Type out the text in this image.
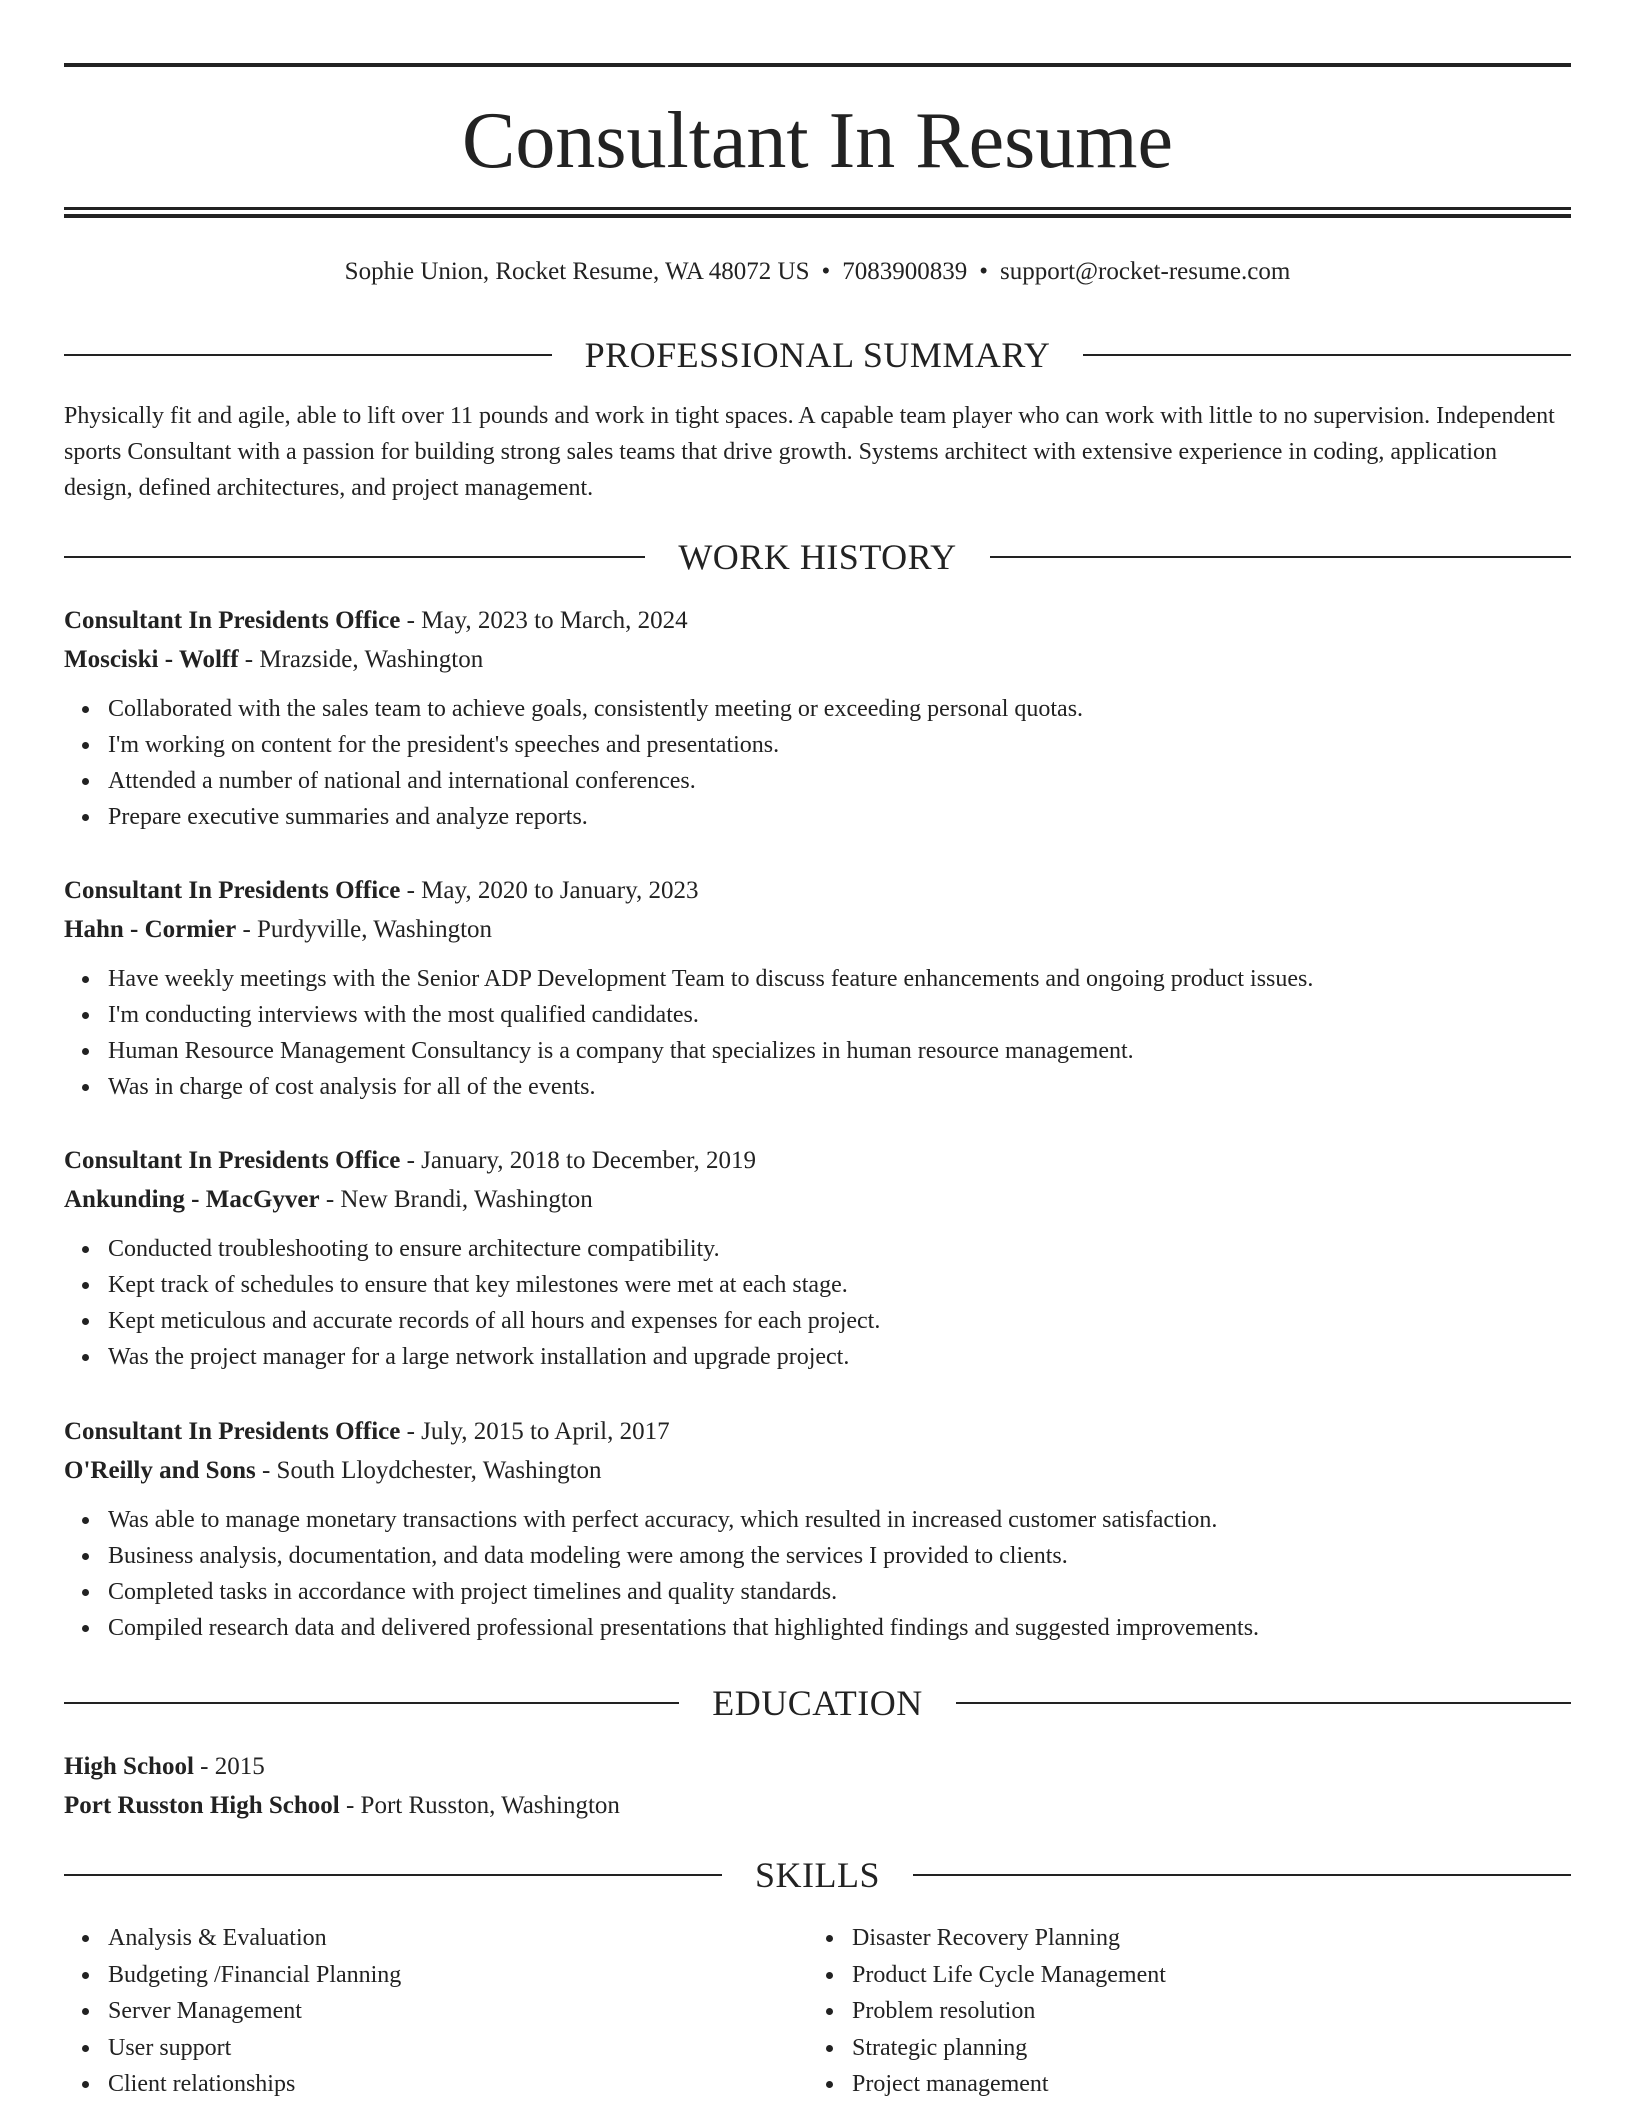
Consultant In Resume
Sophie Union, Rocket Resume, WA 48072 US • 7083900839 • support@rocket-resume.com
PROFESSIONAL SUMMARY

Physically fit and agile, able to lift over 11 pounds and work in tight spaces. A capable team player who can work with little to no supervision. Independent sports Consultant with a passion for building strong sales teams that drive growth. Systems architect with extensive experience in coding, application design, defined architectures, and project management.

WORK HISTORY
Consultant In Presidents Office - May, 2023 to March, 2024
Mosciski - Wolff - Mrazside, Washington
Collaborated with the sales team to achieve goals, consistently meeting or exceeding personal quotas.
I'm working on content for the president's speeches and presentations.
Attended a number of national and international conferences.
Prepare executive summaries and analyze reports.
Consultant In Presidents Office - May, 2020 to January, 2023
Hahn - Cormier - Purdyville, Washington
Have weekly meetings with the Senior ADP Development Team to discuss feature enhancements and ongoing product issues.
I'm conducting interviews with the most qualified candidates.
Human Resource Management Consultancy is a company that specializes in human resource management.
Was in charge of cost analysis for all of the events.
Consultant In Presidents Office - January, 2018 to December, 2019
Ankunding - MacGyver - New Brandi, Washington
Conducted troubleshooting to ensure architecture compatibility.
Kept track of schedules to ensure that key milestones were met at each stage.
Kept meticulous and accurate records of all hours and expenses for each project.
Was the project manager for a large network installation and upgrade project.
Consultant In Presidents Office - July, 2015 to April, 2017
O'Reilly and Sons - South Lloydchester, Washington
Was able to manage monetary transactions with perfect accuracy, which resulted in increased customer satisfaction.
Business analysis, documentation, and data modeling were among the services I provided to clients.
Completed tasks in accordance with project timelines and quality standards.
Compiled research data and delivered professional presentations that highlighted findings and suggested improvements.
EDUCATION
High School - 2015
Port Russton High School - Port Russton, Washington
SKILLS
Analysis & Evaluation
Budgeting /Financial Planning
Server Management
User support
Client relationships
Disaster Recovery Planning
Product Life Cycle Management
Problem resolution
Strategic planning
Project management
